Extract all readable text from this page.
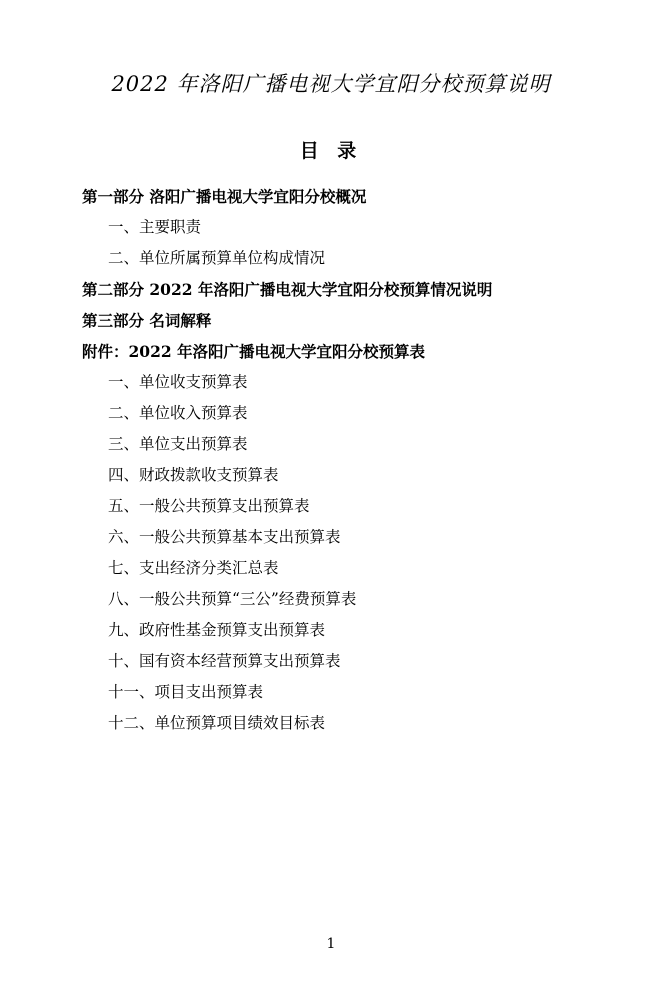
2022 年洛阳广播电视大学宜阳分校预算说明
目 录
第一部分 洛阳广播电视大学宜阳分校概况
一、主要职责
二、单位所属预算单位构成情况
第二部分 2022 年洛阳广播电视大学宜阳分校预算情况说明
第三部分 名词解释
附件：2022 年洛阳广播电视大学宜阳分校预算表
一、单位收支预算表
二、单位收入预算表
三、单位支出预算表
四、财政拨款收支预算表
五、一般公共预算支出预算表
六、一般公共预算基本支出预算表
七、支出经济分类汇总表
八、一般公共预算“三公”经费预算表
九、政府性基金预算支出预算表
十、国有资本经营预算支出预算表
十一、项目支出预算表
十二、单位预算项目绩效目标表
1
